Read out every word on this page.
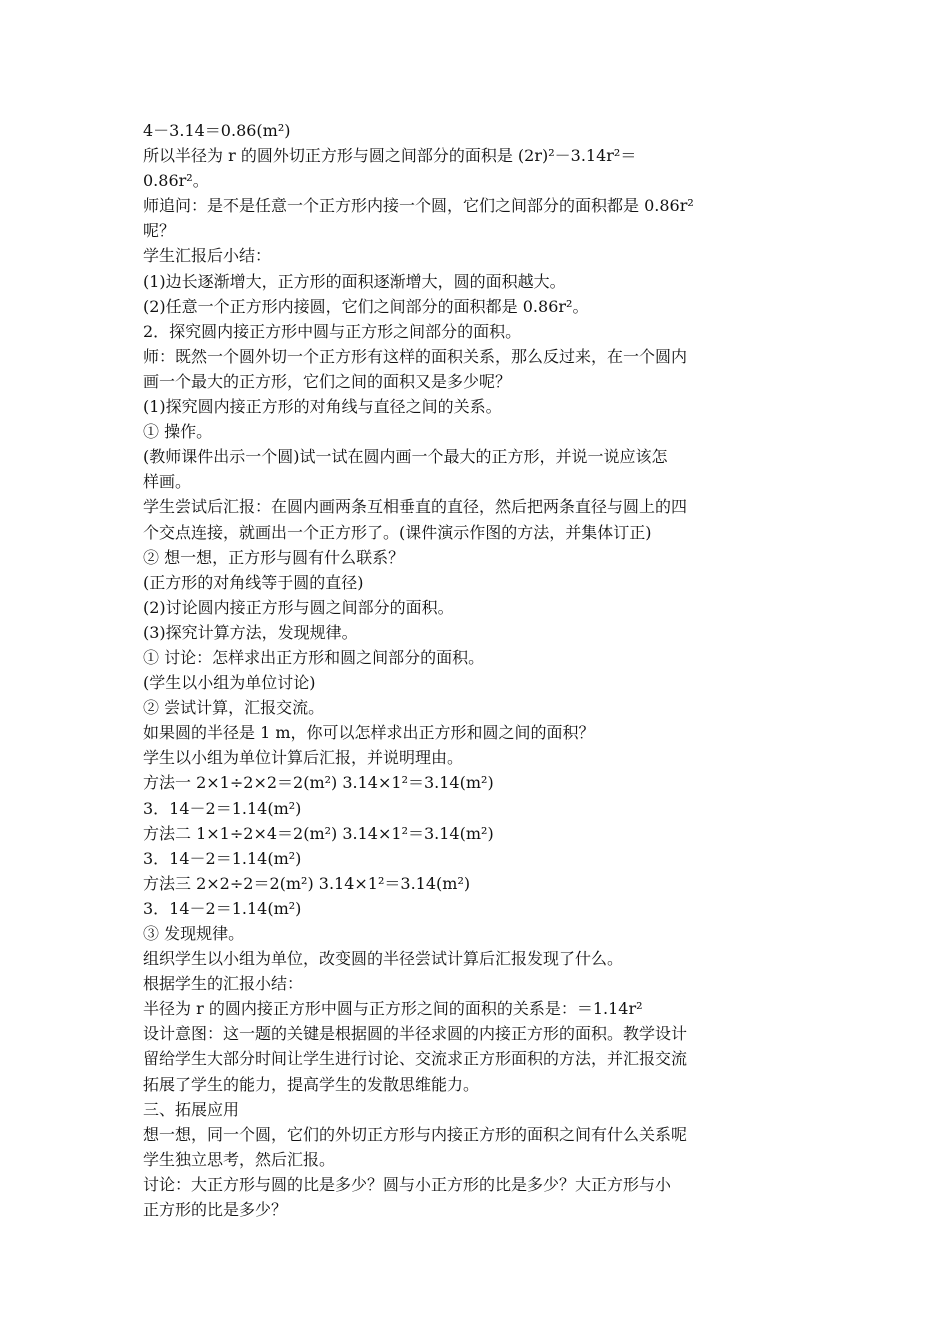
4－3.14＝0.86(m²)
所以半径为 r 的圆外切正方形与圆之间部分的面积是 (2r)²－3.14r²＝
0.86r²。
师追问：是不是任意一个正方形内接一个圆，它们之间部分的面积都是 0.86r²
呢？
学生汇报后小结：
(1)边长逐渐增大，正方形的面积逐渐增大，圆的面积越大。
(2)任意一个正方形内接圆，它们之间部分的面积都是 0.86r²。
2．探究圆内接正方形中圆与正方形之间部分的面积。
师：既然一个圆外切一个正方形有这样的面积关系，那么反过来，在一个圆内
画一个最大的正方形，它们之间的面积又是多少呢？
(1)探究圆内接正方形的对角线与直径之间的关系。
① 操作。
(教师课件出示一个圆)试一试在圆内画一个最大的正方形，并说一说应该怎
样画。
学生尝试后汇报：在圆内画两条互相垂直的直径，然后把两条直径与圆上的四
个交点连接，就画出一个正方形了。(课件演示作图的方法，并集体订正)
② 想一想，正方形与圆有什么联系？
(正方形的对角线等于圆的直径)
(2)讨论圆内接正方形与圆之间部分的面积。
(3)探究计算方法，发现规律。
① 讨论：怎样求出正方形和圆之间部分的面积。
(学生以小组为单位讨论)
② 尝试计算，汇报交流。
如果圆的半径是 1 m，你可以怎样求出正方形和圆之间的面积？
学生以小组为单位计算后汇报，并说明理由。
方法一 2×1÷2×2＝2(m²) 3.14×1²＝3.14(m²)
3．14－2＝1.14(m²)
方法二 1×1÷2×4＝2(m²) 3.14×1²＝3.14(m²)
3．14－2＝1.14(m²)
方法三 2×2÷2＝2(m²) 3.14×1²＝3.14(m²)
3．14－2＝1.14(m²)
③ 发现规律。
组织学生以小组为单位，改变圆的半径尝试计算后汇报发现了什么。
根据学生的汇报小结：
半径为 r 的圆内接正方形中圆与正方形之间的面积的关系是：＝1.14r²
设计意图：这一题的关键是根据圆的半径求圆的内接正方形的面积。教学设计
留给学生大部分时间让学生进行讨论、交流求正方形面积的方法，并汇报交流
拓展了学生的能力，提高学生的发散思维能力。
三、拓展应用
想一想，同一个圆，它们的外切正方形与内接正方形的面积之间有什么关系呢
学生独立思考，然后汇报。
讨论：大正方形与圆的比是多少？圆与小正方形的比是多少？大正方形与小
正方形的比是多少？
